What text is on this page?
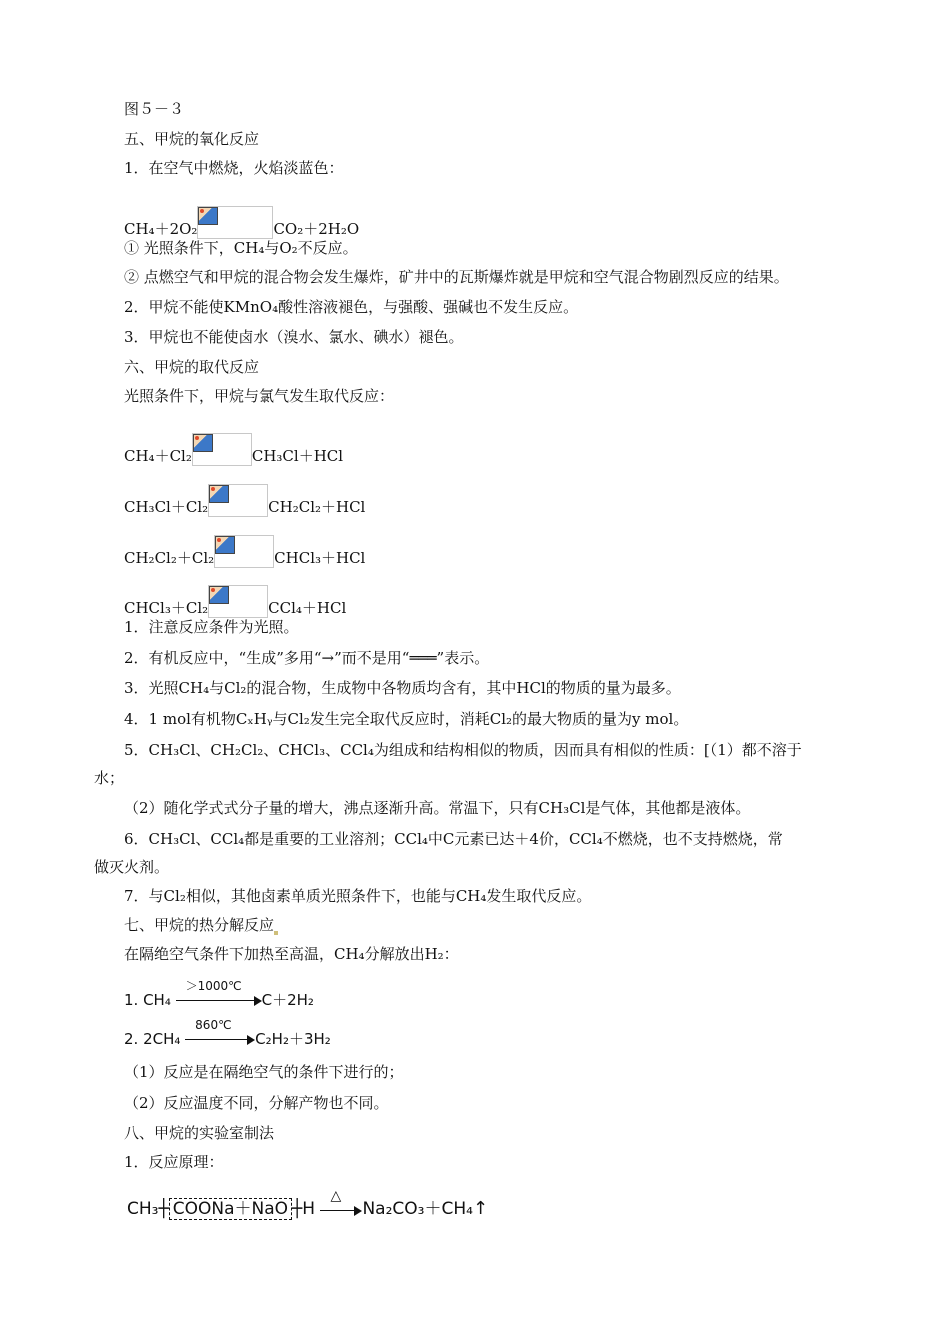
图５－３
五、甲烷的氧化反应
1．在空气中燃烧，火焰淡蓝色：
CH₄＋2O₂	CO₂＋2H₂O
① 光照条件下，CH₄与O₂不反应。
② 点燃空气和甲烷的混合物会发生爆炸，矿井中的瓦斯爆炸就是甲烷和空气混合物剧烈反应的结果。
2．甲烷不能使KMnO₄酸性溶液褪色，与强酸、强碱也不发生反应。
3．甲烷也不能使卤水（溴水、氯水、碘水）褪色。
六、甲烷的取代反应
光照条件下，甲烷与氯气发生取代反应：
CH₄＋Cl₂	CH₃Cl＋HCl
CH₃Cl＋Cl₂	CH₂Cl₂＋HCl
CH₂Cl₂＋Cl₂	CHCl₃＋HCl
CHCl₃＋Cl₂	CCl₄＋HCl
1．注意反应条件为光照。
2．有机反应中，“生成”多用“→”而不是用“═══”表示。
3．光照CH₄与Cl₂的混合物，生成物中各物质均含有，其中HCl的物质的量为最多。
4．1 mol有机物CₓHᵧ与Cl₂发生完全取代反应时，消耗Cl₂的最大物质的量为y mol。
5．CH₃Cl、CH₂Cl₂、CHCl₃、CCl₄为组成和结构相似的物质，因而具有相似的性质：[（1）都不溶于
水；
（2）随化学式式分子量的增大，沸点逐渐升高。常温下，只有CH₃Cl是气体，其他都是液体。
6．CH₃Cl、CCl₄都是重要的工业溶剂；CCl₄中C元素已达＋4价，CCl₄不燃烧，也不支持燃烧，常
做灭火剂。
7．与Cl₂相似，其他卤素单质光照条件下，也能与CH₄发生取代反应。
七、甲烷的热分解反应
在隔绝空气条件下加热至高温，CH₄分解放出H₂：
1. CH₄
＞1000℃
C＋2H₂
2. 2CH₄
860℃
C₂H₂＋3H₂
（1）反应是在隔绝空气的条件下进行的；
（2）反应温度不同，分解产物也不同。
八、甲烷的实验室制法
1．反应原理：
CH₃┼ COONa＋NaO ┼H
△
Na₂CO₃＋CH₄↑
